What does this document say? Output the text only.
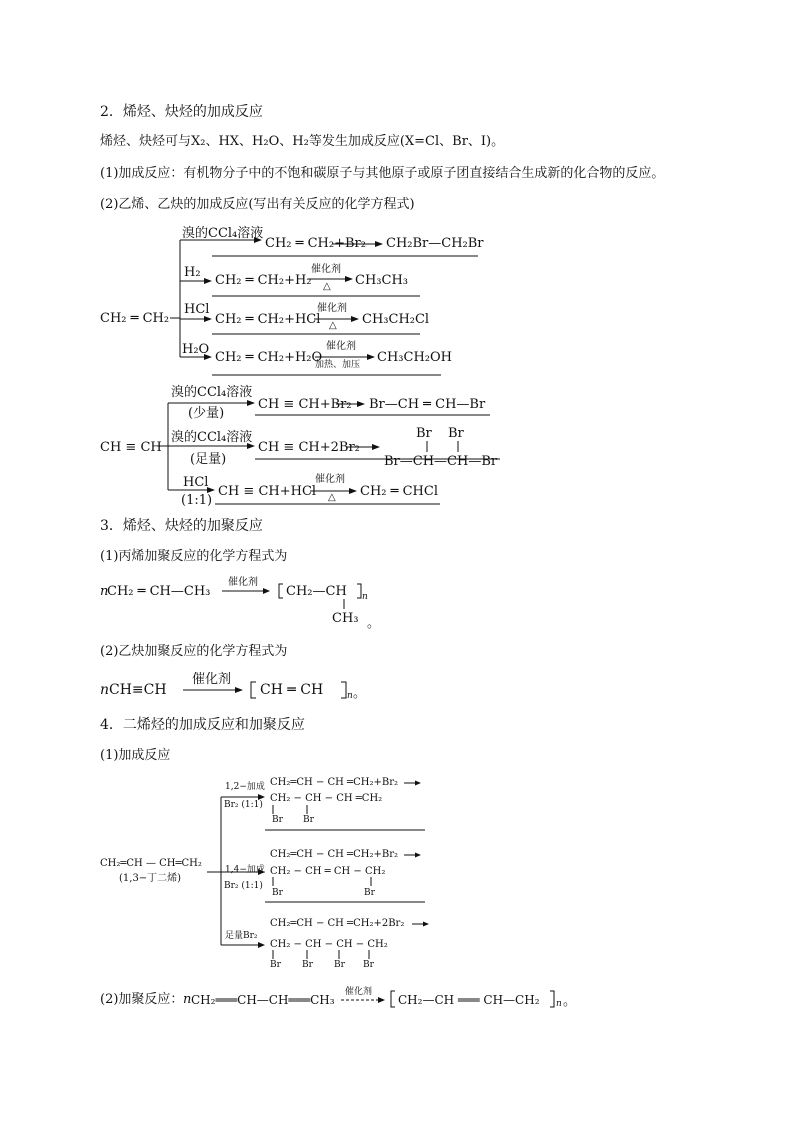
2．烯烃、炔烃的加成反应
烯烃、炔烃可与X₂、HX、H₂O、H₂等发生加成反应(X=Cl、Br、I)。
(1)加成反应：有机物分子中的不饱和碳原子与其他原子或原子团直接结合生成新的化合物的反应。
(2)乙烯、乙炔的加成反应(写出有关反应的化学方程式)
CH₂ ═ CH₂
溴的CCl₄溶液
CH₂ ═ CH₂+Br₂ CH₂Br—CH₂Br
H₂
CH₂ ═ CH₂+H₂
催化剂
△ CH₃CH₃
HCl
CH₂ ═ CH₂+HCl
催化剂
△ CH₃CH₂Cl
H₂O
CH₂ ═ CH₂+H₂O
催化剂
加热、加压 CH₃CH₂OH
CH ≡ CH
溴的CCl₄溶液
(少量)
CH ≡ CH+Br₂ Br—CH ═ CH—Br
溴的CCl₄溶液
(足量)
CH ≡ CH+2Br₂
Br Br
Br—CH—CH—Br
HCl
(1:1)
CH ≡ CH+HCl
催化剂
△ CH₂ ═ CHCl
3．烯烃、炔烃的加聚反应
(1)丙烯加聚反应的化学方程式为
n
CH₂ ═ CH—CH₃
催化剂
CH₂—CH n
CH₃ 。
(2)乙炔加聚反应的化学方程式为
n CH≡CH
催化剂
CH ═ CH	n 。
4．二烯烃的加成反应和加聚反应
(1)加成反应
CH₂═CH — CH═CH₂
(1,3−丁二烯)
1,2−加成
Br₂ (1:1)
CH₂═CH − CH ═CH₂+Br₂
CH₂ − CH − CH ═CH₂
Br Br
1,4−加成
Br₂ (1:1)
CH₂═CH − CH ═CH₂+Br₂
CH₂ − CH ═ CH − CH₂
Br	Br
足量Br₂
CH₂═CH − CH ═CH₂+2Br₂
CH₂ − CH − CH − CH₂
Br Br Br Br
(2)加聚反应： n CH₂═══CH—CH═══CH₃
催化剂
CH₂—CH ═══ CH—CH₂ n 。
